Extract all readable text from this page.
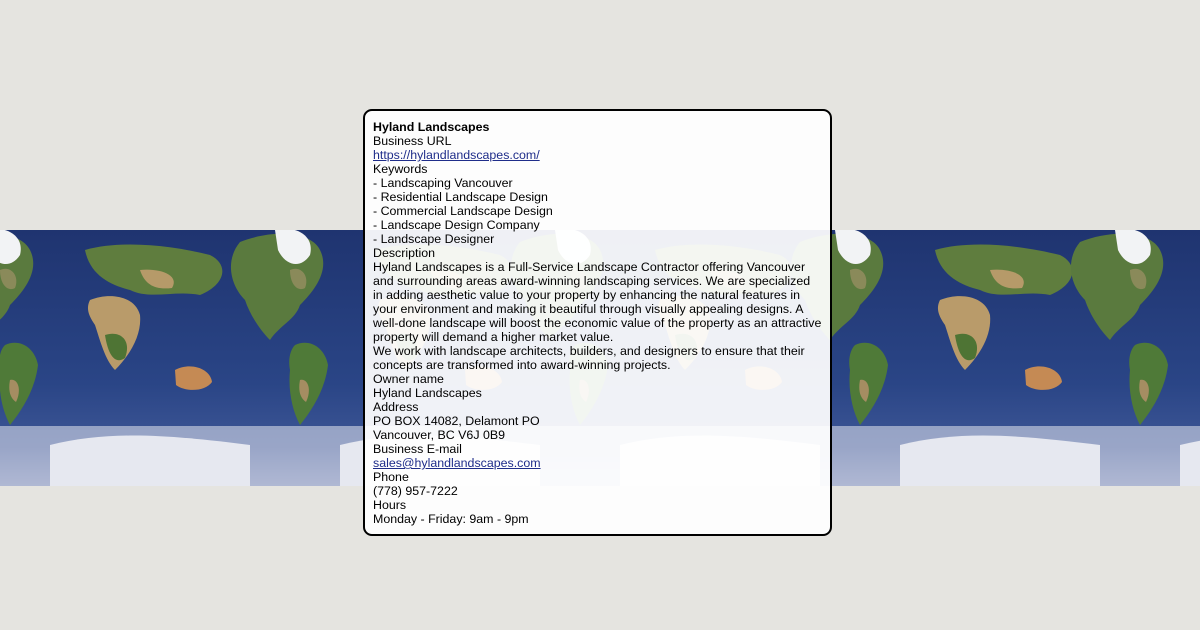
Hyland Landscapes
Business URL
https://hylandlandscapes.com/
Keywords
- Landscaping Vancouver
- Residential Landscape Design
- Commercial Landscape Design
- Landscape Design Company
- Landscape Designer
Description

Hyland Landscapes is a Full-Service Landscape Contractor offering Vancouver and surrounding areas award-winning landscaping services. We are specialized in adding aesthetic value to your property by enhancing the natural features in your environment and making it beautiful through visually appealing designs. A well-done landscape will boost the economic value of the property as an attractive property will demand a higher market value.

We work with landscape architects, builders, and designers to ensure that their concepts are transformed into award-winning projects.

Owner name
Hyland Landscapes
Address
PO BOX 14082, Delamont PO
Vancouver, BC V6J 0B9
Business E-mail
sales@hylandlandscapes.com
Phone
(778) 957-7222
Hours
Monday - Friday: 9am - 9pm
